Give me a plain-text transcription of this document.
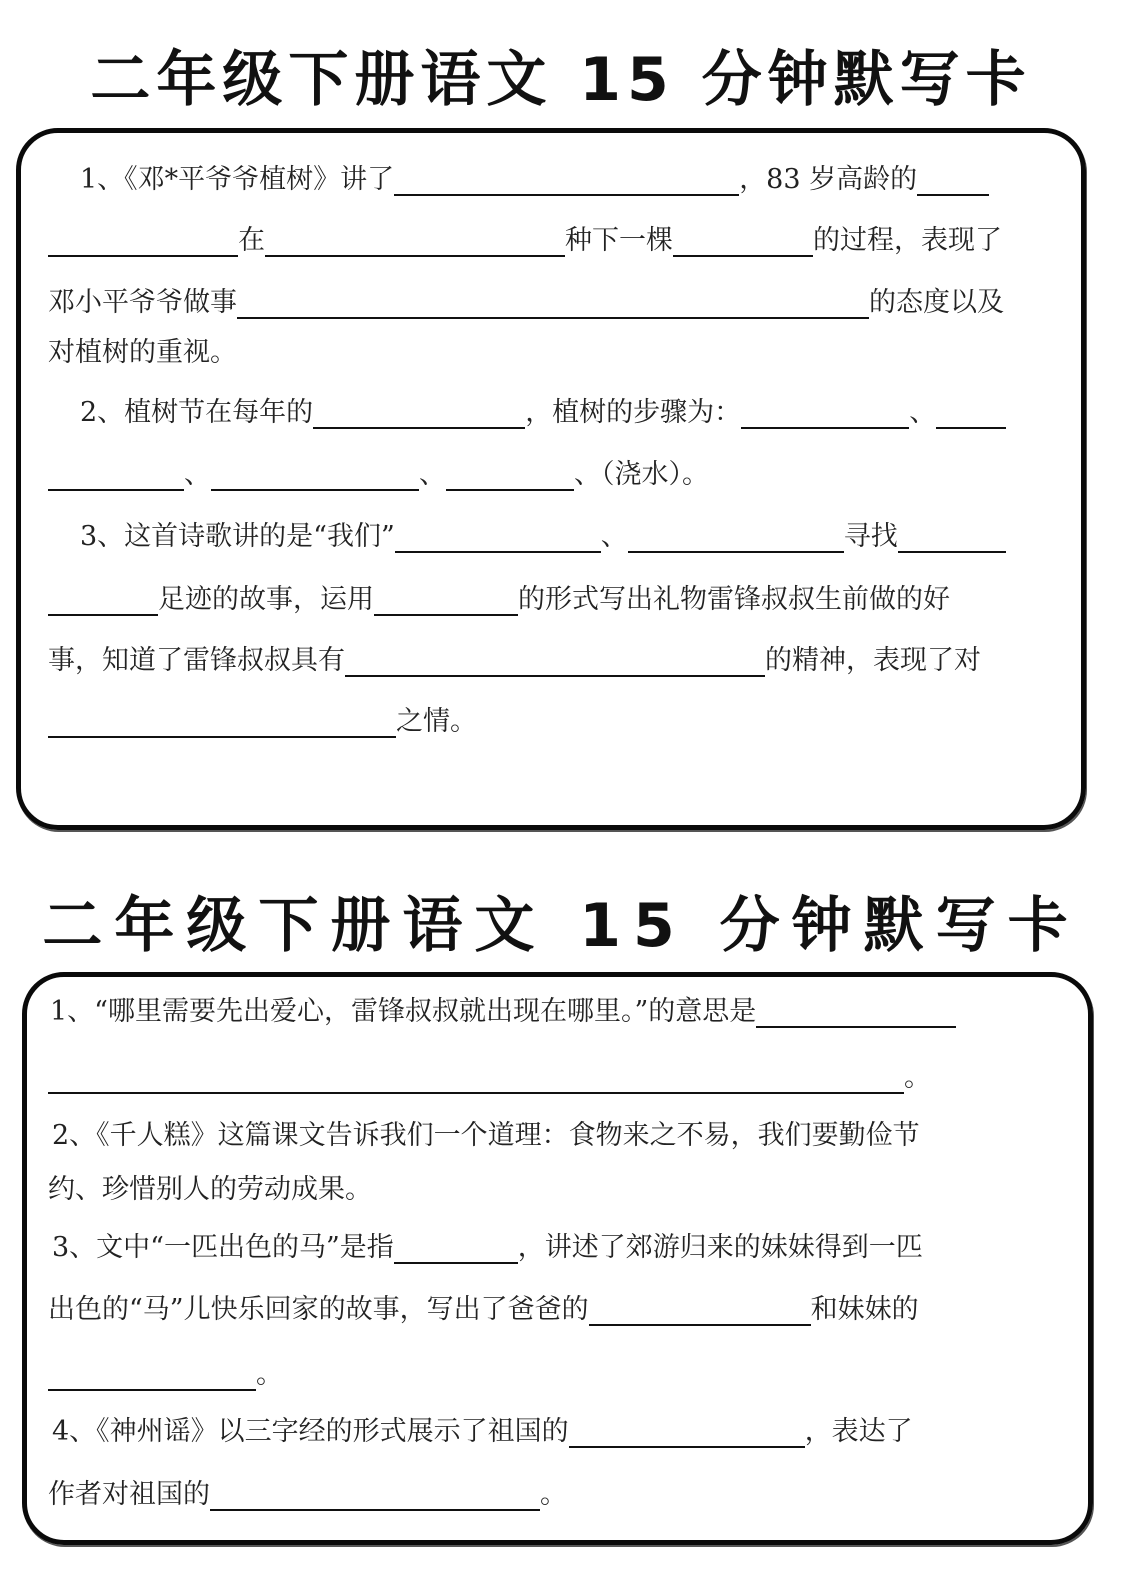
二年级下册语文 15 分钟默写卡
二年级下册语文 15 分钟默写卡
1、《邓*平爷爷植树》讲了	，83 岁高龄的
在	种下一棵	的过程，表现了
邓小平爷爷做事	的态度以及
对植树的重视。
2、植树节在每年的	，植树的步骤为：	、
、	、	、（浇水）。
3、这首诗歌讲的是“我们”	、	寻找
足迹的故事，运用	的形式写出礼物雷锋叔叔生前做的好
事，知道了雷锋叔叔具有	的精神，表现了对
之情。
1、“哪里需要先出爱心，雷锋叔叔就出现在哪里。”的意思是
。
2、《千人糕》这篇课文告诉我们一个道理：食物来之不易，我们要勤俭节
约、珍惜别人的劳动成果。
3、文中“一匹出色的马”是指	，讲述了郊游归来的妹妹得到一匹
出色的“马”儿快乐回家的故事，写出了爸爸的	和妹妹的
。
4、《神州谣》以三字经的形式展示了祖国的	，表达了
作者对祖国的	。
